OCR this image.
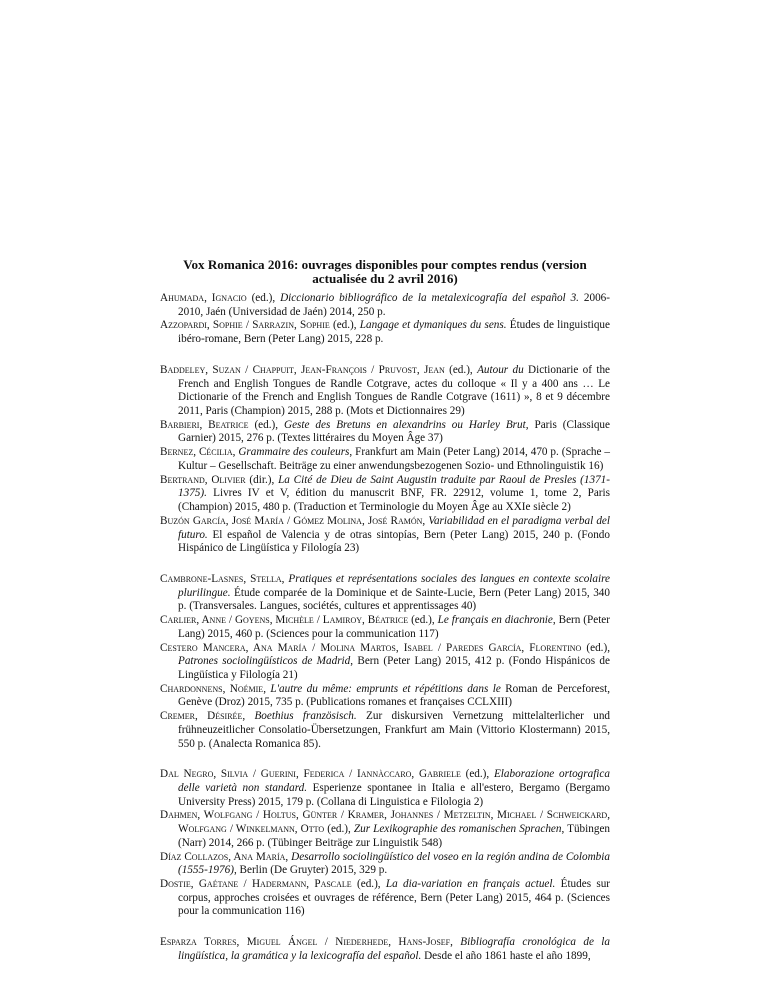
Vox Romanica 2016: ouvrages disponibles pour comptes rendus (version
actualisée du 2 avril 2016)

Ahumada, Ignacio (ed.), Diccionario bibliográfico de la metalexicografía del español 3. 2006-2010, Jaén (Universidad de Jaén) 2014, 250 p.

Azzopardi, Sophie / Sarrazin, Sophie (ed.), Langage et dymaniques du sens. Études de linguistique ibéro-romane, Bern (Peter Lang) 2015, 228 p.

Baddeley, Suzan / Chappuit, Jean-François / Pruvost, Jean (ed.), Autour du Dictionarie of the French and English Tongues de Randle Cotgrave, actes du colloque « Il y a 400 ans … Le Dictionarie of the French and English Tongues de Randle Cotgrave (1611) », 8 et 9 décembre 2011, Paris (Champion) 2015, 288 p. (Mots et Dictionnaires 29)

Barbieri, Beatrice (ed.), Geste des Bretuns en alexandrins ou Harley Brut, Paris (Classique Garnier) 2015, 276 p. (Textes littéraires du Moyen Âge 37)

Bernez, Cécilia, Grammaire des couleurs, Frankfurt am Main (Peter Lang) 2014, 470 p. (Sprache – Kultur – Gesellschaft. Beiträge zu einer anwendungsbezogenen Sozio- und Ethnolinguistik 16)

Bertrand, Olivier (dir.), La Cité de Dieu de Saint Augustin traduite par Raoul de Presles (1371-1375). Livres IV et V, édition du manuscrit BNF, FR. 22912, volume 1, tome 2, Paris (Champion) 2015, 480 p. (Traduction et Terminologie du Moyen Âge au XXIe siècle 2)

Buzón García, José María / Gómez Molina, José Ramón, Variabilidad en el paradigma verbal del futuro. El español de Valencia y de otras sintopías, Bern (Peter Lang) 2015, 240 p. (Fondo Hispánico de Lingüística y Filología 23)

Cambrone-Lasnes, Stella, Pratiques et représentations sociales des langues en contexte scolaire plurilingue. Étude comparée de la Dominique et de Sainte-Lucie, Bern (Peter Lang) 2015, 340 p. (Transversales. Langues, sociétés, cultures et apprentissages 40)

Carlier, Anne / Goyens, Michèle / Lamiroy, Béatrice (ed.), Le français en diachronie, Bern (Peter Lang) 2015, 460 p. (Sciences pour la communication 117)

Cestero Mancera, Ana María / Molina Martos, Isabel / Paredes García, Florentino (ed.), Patrones sociolingüísticos de Madrid, Bern (Peter Lang) 2015, 412 p. (Fondo Hispánicos de Lingüística y Filología 21)

Chardonnens, Noémie, L'autre du même: emprunts et répétitions dans le Roman de Perceforest, Genève (Droz) 2015, 735 p. (Publications romanes et françaises CCLXIII)

Cremer, Désirée, Boethius französisch. Zur diskursiven Vernetzung mittelalterlicher und frühneuzeitlicher Consolatio-Übersetzungen, Frankfurt am Main (Vittorio Klostermann) 2015, 550 p. (Analecta Romanica 85).

Dal Negro, Silvia / Guerini, Federica / Iannàccaro, Gabriele (ed.), Elaborazione ortografica delle varietà non standard. Esperienze spontanee in Italia e all'estero, Bergamo (Bergamo University Press) 2015, 179 p. (Collana di Linguistica e Filologia 2)

Dahmen, Wolfgang / Holtus, Günter / Kramer, Johannes / Metzeltin, Michael / Schweickard, Wolfgang / Winkelmann, Otto (ed.), Zur Lexikographie des romanischen Sprachen, Tübingen (Narr) 2014, 266 p. (Tübinger Beiträge zur Linguistik 548)

Díaz Collazos, Ana María, Desarrollo sociolingüístico del voseo en la región andina de Colombia (1555-1976), Berlin (De Gruyter) 2015, 329 p.

Dostie, Gaétane / Hadermann, Pascale (ed.), La dia-variation en français actuel. Études sur corpus, approches croisées et ouvrages de référence, Bern (Peter Lang) 2015, 464 p. (Sciences pour la communication 116)

Esparza Torres, Miguel Ángel / Niederhede, Hans-Josef, Bibliografía cronológica de la lingüística, la gramática y la lexicografía del español. Desde el año 1861 haste el año 1899,
